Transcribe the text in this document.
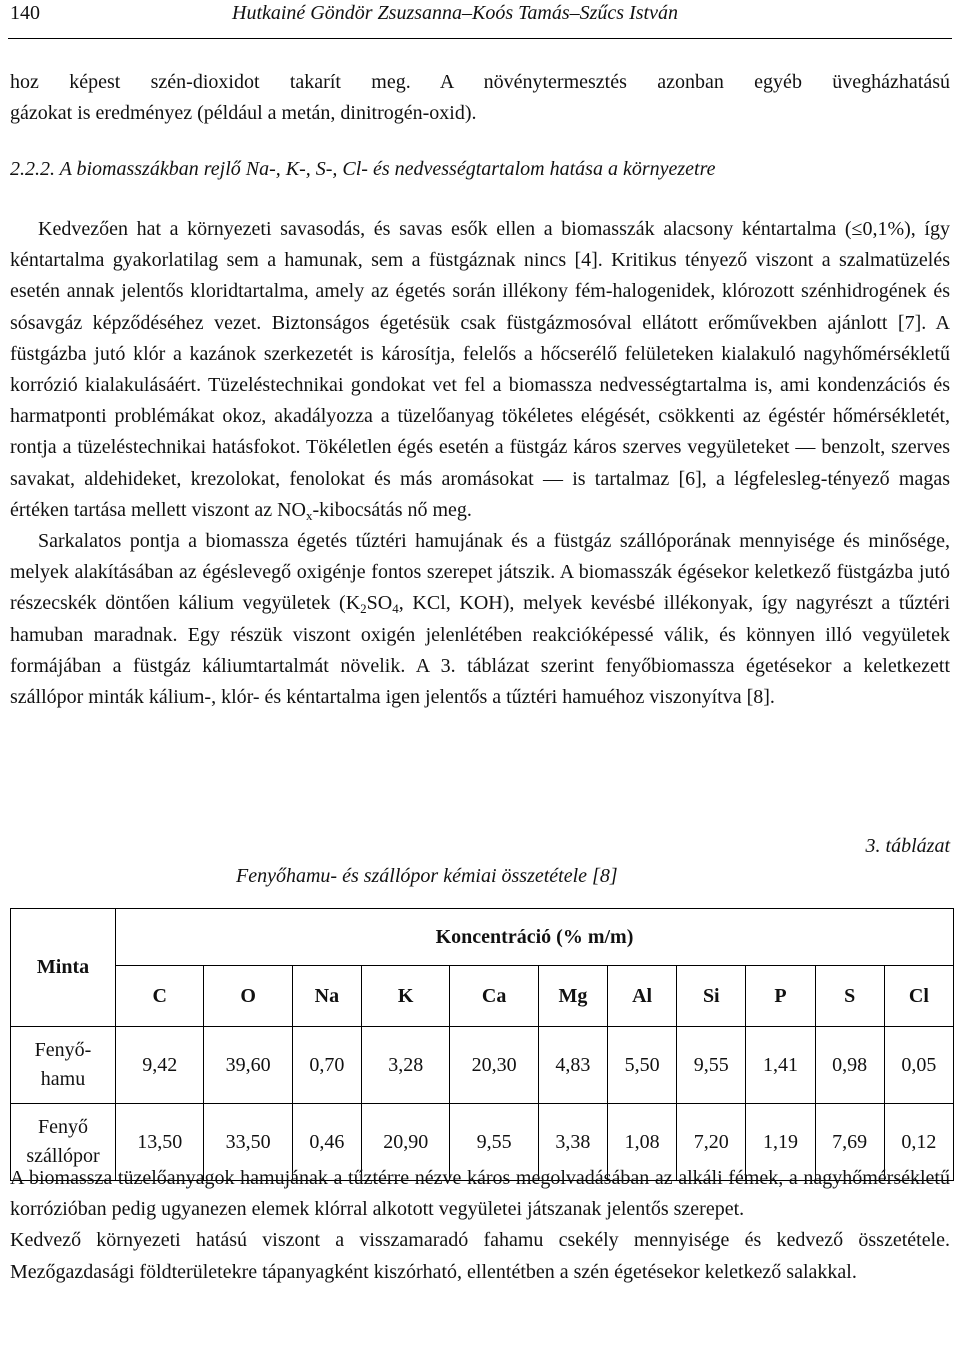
140	Hutkainé Göndör Zsuzsanna–Koós Tamás–Szűcs István

hoz képest szén-dioxidot takarít meg. A növénytermesztés azonban egyéb üvegházhatású

gázokat is eredményez (például a metán, dinitrogén-oxid).

2.2.2. A biomasszákban rejlő Na-, K-, S-, Cl- és nedvességtartalom hatása a környezetre

Kedvezően hat a környezeti savasodás, és savas esők ellen a biomasszák alacsony kéntartalma (≤0,1%), így kéntartalma gyakorlatilag sem a hamunak, sem a füstgáznak nincs [4]. Kritikus tényező viszont a szalmatüzelés esetén annak jelentős kloridtartalma, amely az égetés során illékony fém-halogenidek, klórozott szénhidrogének és sósavgáz képződéséhez vezet. Biztonságos égetésük csak füstgázmosóval ellátott erőművekben ajánlott [7]. A füstgázba jutó klór a kazánok szerkezetét is károsítja, felelős a hőcserélő felületeken kialakuló nagyhőmérsékletű korrózió kialakulásáért. Tüzeléstechnikai gondokat vet fel a biomassza nedvességtartalma is, ami kondenzációs és harmatponti problémákat okoz, akadályozza a tüzelőanyag tökéletes elégését, csökkenti az égéstér hőmérsékletét, rontja a tüzeléstechnikai hatásfokot. Tökéletlen égés esetén a füstgáz káros szerves vegyületeket — benzolt, szerves savakat, aldehideket, krezolokat, fenolokat és más aromásokat — is tartalmaz [6], a légfelesleg-tényező magas értéken tartása mellett viszont az $NO_x$-kibocsátás nő meg.

Sarkalatos pontja a biomassza égetés tűztéri hamujának és a füstgáz szállóporának mennyisége és minősége, melyek alakításában az égéslevegő oxigénje fontos szerepet játszik. A biomasszák égésekor keletkező füstgázba jutó részecskék döntően kálium vegyületek ($K_2SO_4$, KCl, KOH), melyek kevésbé illékonyak, így nagyrészt a tűztéri hamuban maradnak. Egy részük viszont oxigén jelenlétében reakcióképessé válik, és könnyen illó vegyületek formájában a füstgáz káliumtartalmát növelik. A 3. táblázat szerint fenyőbiomassza égetésekor a keletkezett szállópor minták kálium-, klór- és kéntartalma igen jelentős a tűztéri hamuéhoz viszonyítva [8].

3. táblázat
Fenyőhamu- és szállópor kémiai összetétele [8]
Minta	Koncentráció (% m/m)										
	C	O	Na	K	Ca	Mg	Al	Si	P	S	Cl

Fenyő-
hamu	9,42	39,60	0,70	3,28	20,30	4,83	5,50	9,55	1,41	0,98	0,05

Fenyő
szállópor	13,50	33,50	0,46	20,90	9,55	3,38	1,08	7,20	1,19	7,69	0,12

A biomassza tüzelőanyagok hamujának a tűztérre nézve káros megolvadásában az alkáli fémek, a nagyhőmérsékletű korrózióban pedig ugyanezen elemek klórral alkotott vegyületei játszanak jelentős szerepet.

Kedvező környezeti hatású viszont a visszamaradó fahamu csekély mennyisége és kedvező összetétele. Mezőgazdasági földterületekre tápanyagként kiszórható, ellentétben a szén égetésekor keletkező salakkal.
